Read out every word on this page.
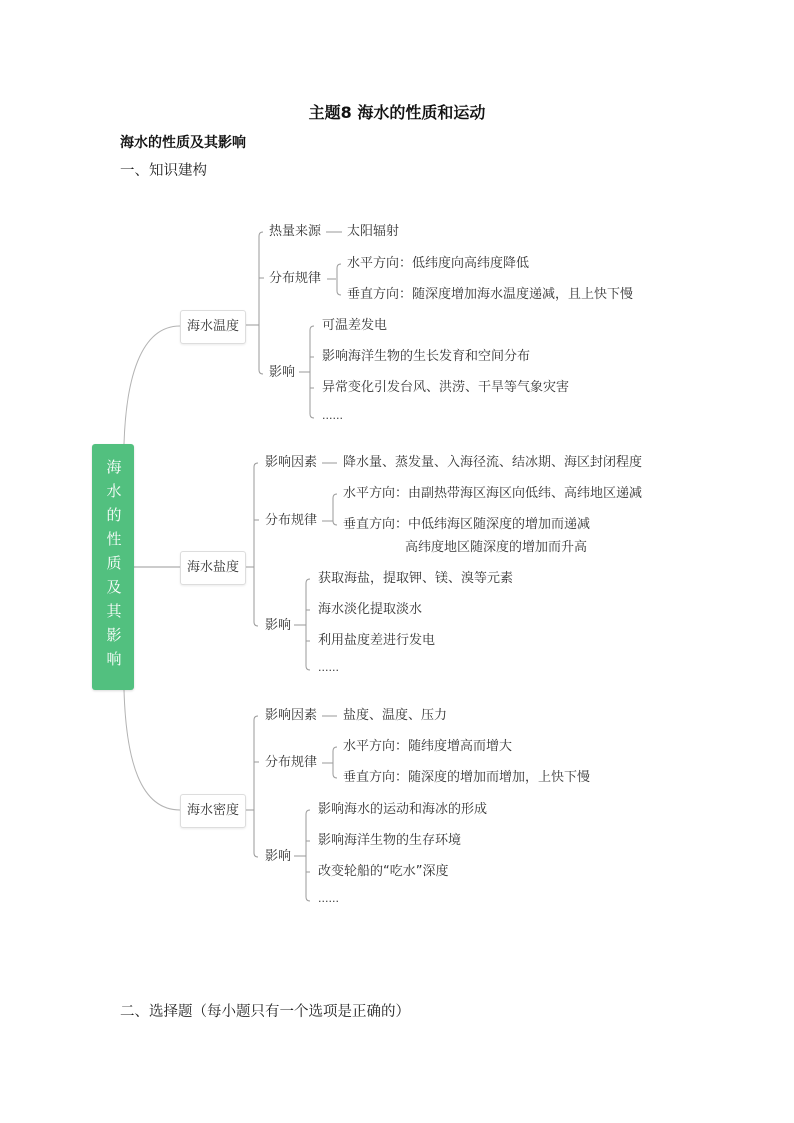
主题8 海水的性质和运动
海水的性质及其影响
一、知识建构
海水的性质及其影响
海水温度
热量来源 太阳辐射
分布规律
水平方向：低纬度向高纬度降低
垂直方向：随深度增加海水温度递减，且上快下慢
影响
可温差发电
影响海洋生物的生长发育和空间分布
异常变化引发台风、洪涝、干旱等气象灾害
......
海水盐度
影响因素 降水量、蒸发量、入海径流、结冰期、海区封闭程度
分布规律
水平方向：由副热带海区海区向低纬、高纬地区递减
垂直方向：中低纬海区随深度的增加而递减
高纬度地区随深度的增加而升高
影响
获取海盐，提取钾、镁、溴等元素
海水淡化提取淡水
利用盐度差进行发电
......
海水密度
影响因素 盐度、温度、压力
分布规律
水平方向：随纬度增高而增大
垂直方向：随深度的增加而增加，上快下慢
影响
影响海水的运动和海冰的形成
影响海洋生物的生存环境
改变轮船的“吃水”深度
......
二、选择题（每小题只有一个选项是正确的）
